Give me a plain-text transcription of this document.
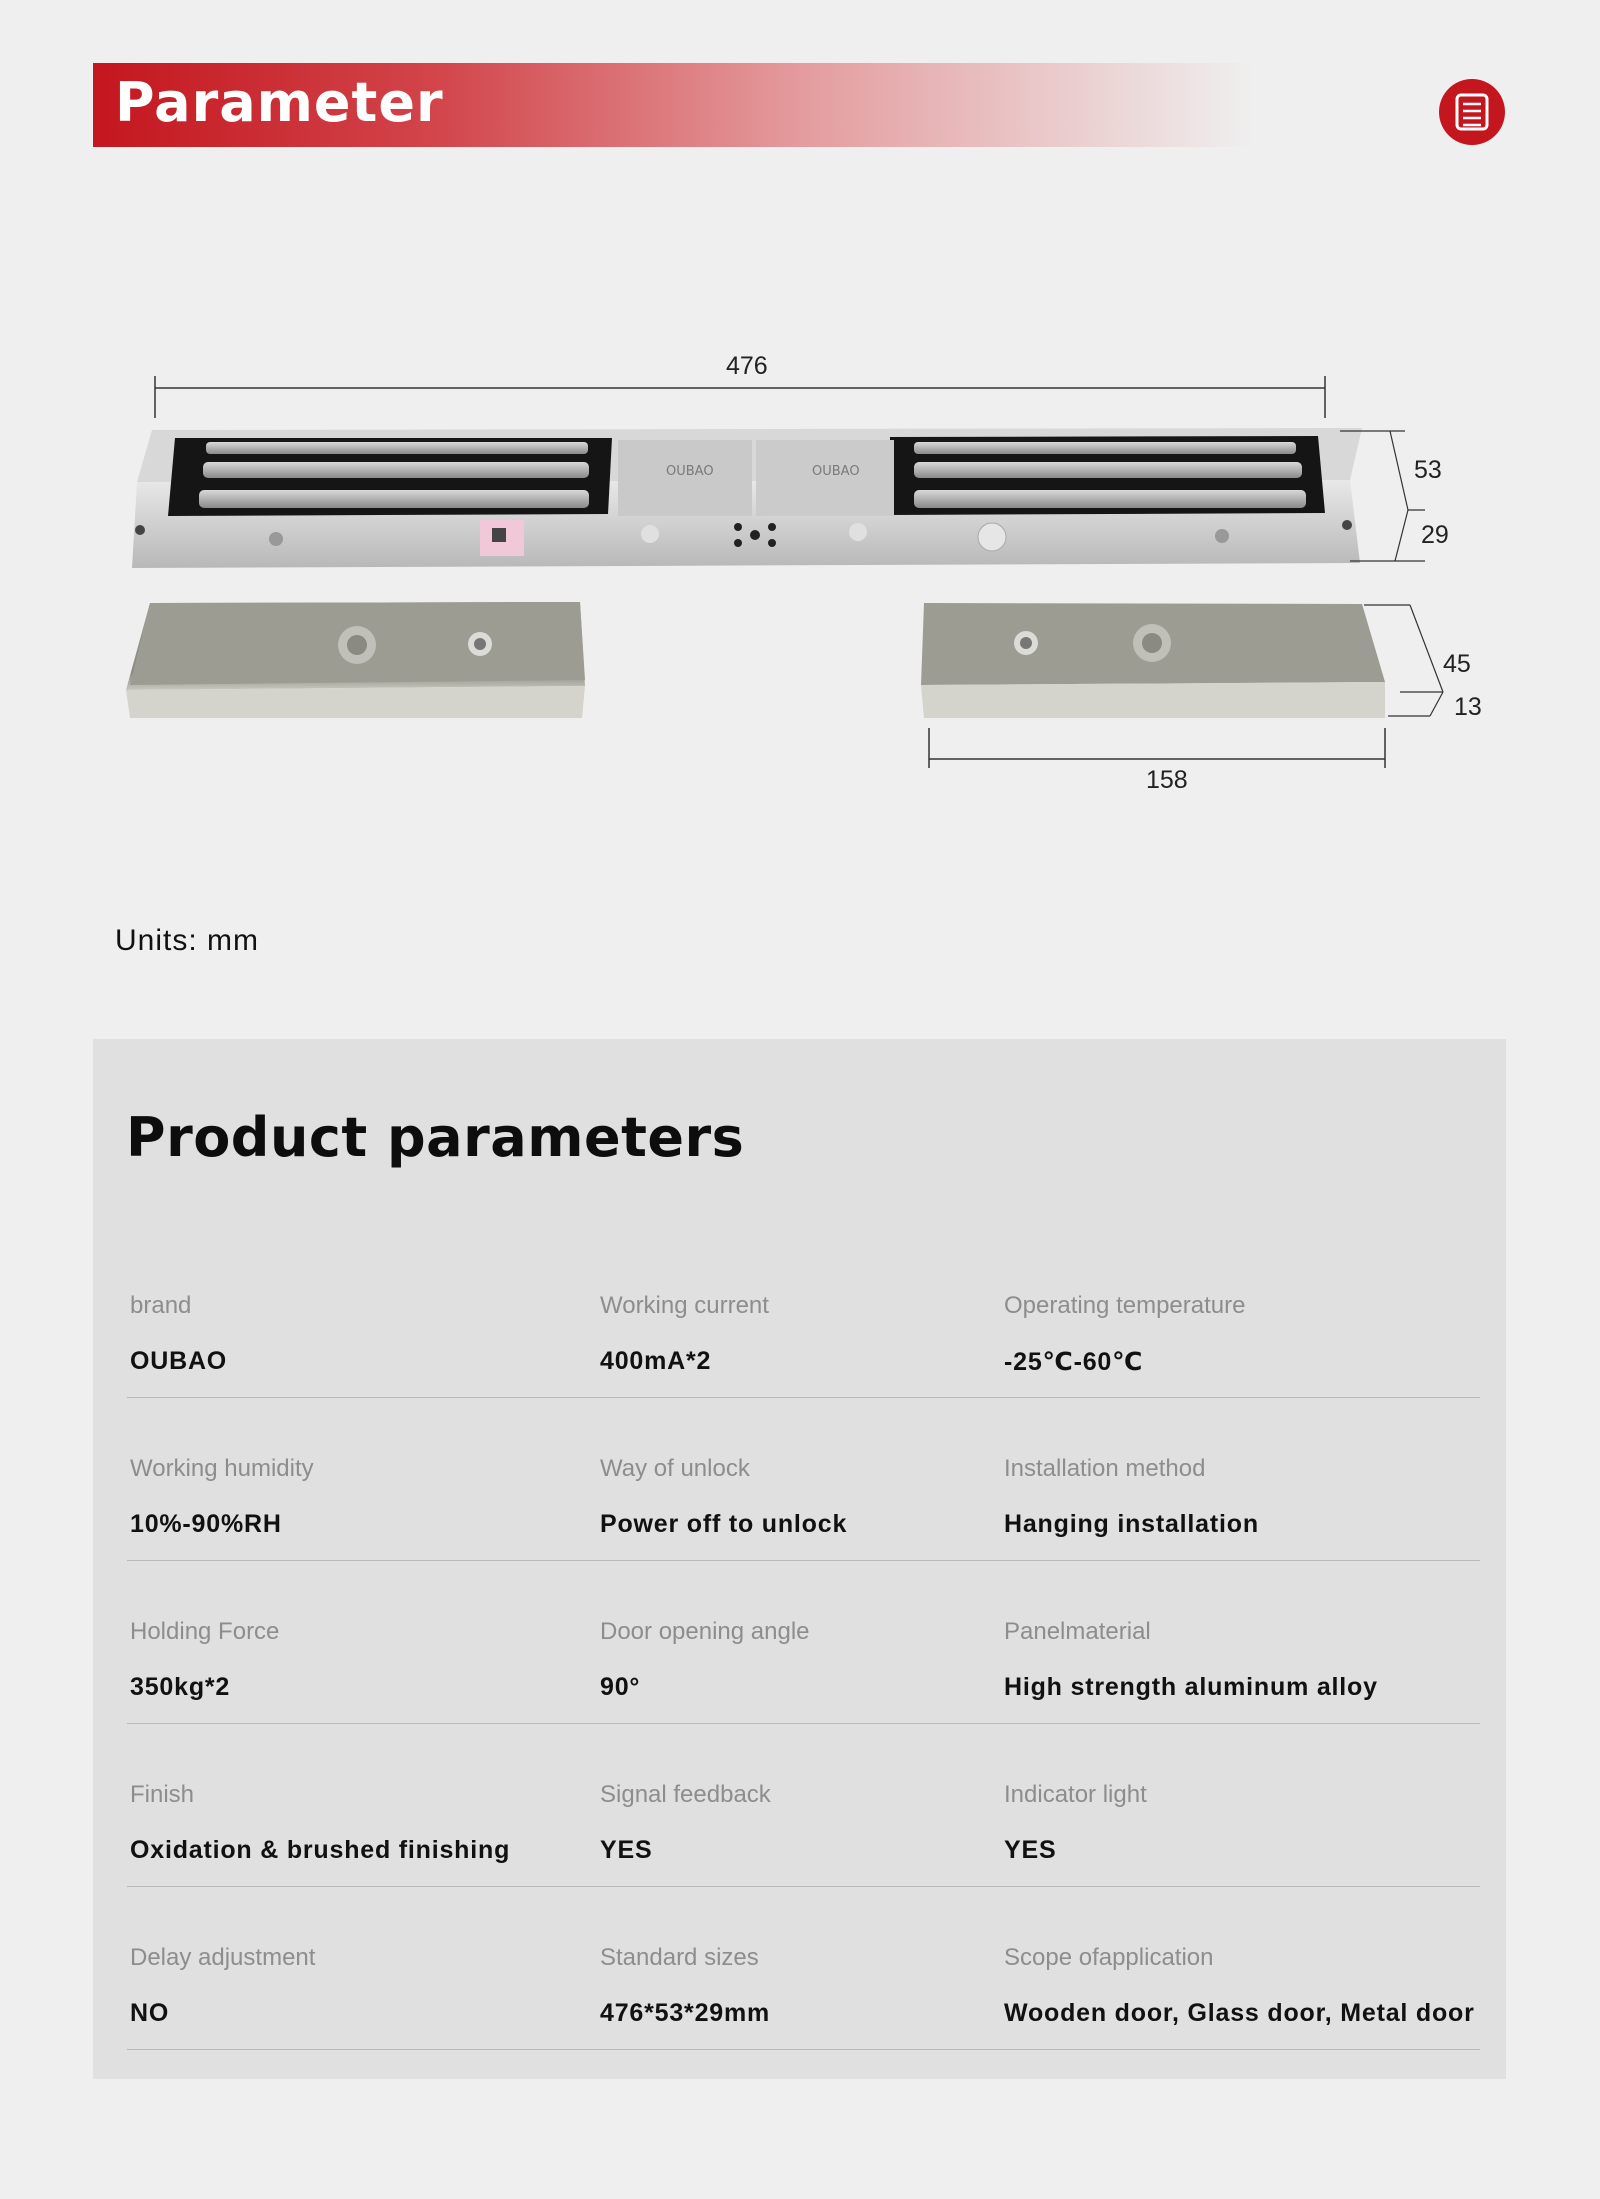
Parameter
OUBAO	OUBAO
476
53
29
45
13
158
Units: mm
Product parameters
brand
OUBAO
Working current
400mA*2
Operating temperature
-25℃-60℃
Working humidity
10%-90%RH
Way of unlock
Power off to unlock
Installation method
Hanging installation
Holding Force
350kg*2
Door opening angle
90°
Panelmaterial
High strength aluminum alloy
Finish
Oxidation & brushed finishing
Signal feedback
YES
Indicator light
YES
Delay adjustment
NO
Standard sizes
476*53*29mm
Scope ofapplication
Wooden door, Glass door, Metal door
